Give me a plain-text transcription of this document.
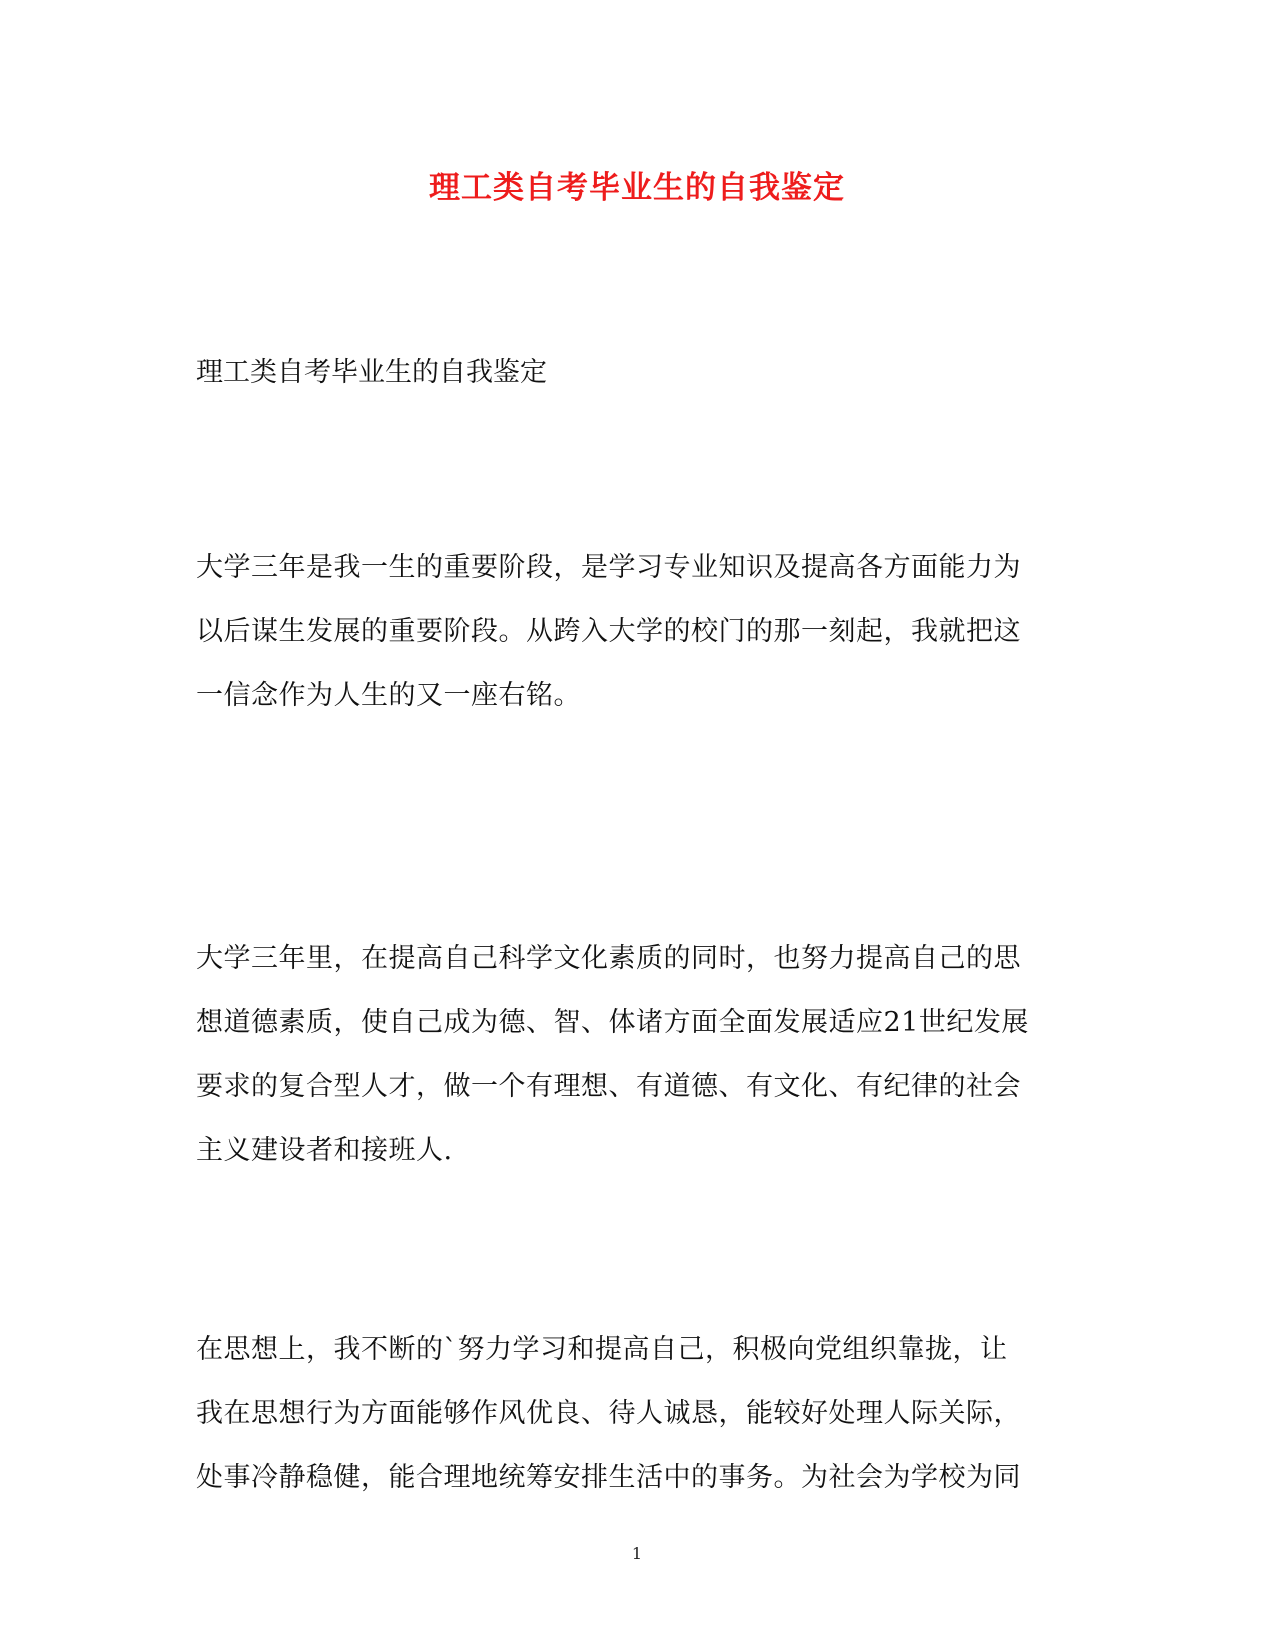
理工类自考毕业生的自我鉴定
理工类自考毕业生的自我鉴定
大学三年是我一生的重要阶段，是学习专业知识及提高各方面能力为
以后谋生发展的重要阶段。从跨入大学的校门的那一刻起，我就把这
一信念作为人生的又一座右铭。
大学三年里，在提高自己科学文化素质的同时，也努力提高自己的思
想道德素质，使自己成为德、智、体诸方面全面发展适应21世纪发展
要求的复合型人才，做一个有理想、有道德、有文化、有纪律的社会
主义建设者和接班人.
在思想上，我不断的`努力学习和提高自己，积极向党组织靠拢，让
我在思想行为方面能够作风优良、待人诚恳，能较好处理人际关际，
处事冷静稳健，能合理地统筹安排生活中的事务。为社会为学校为同
1
